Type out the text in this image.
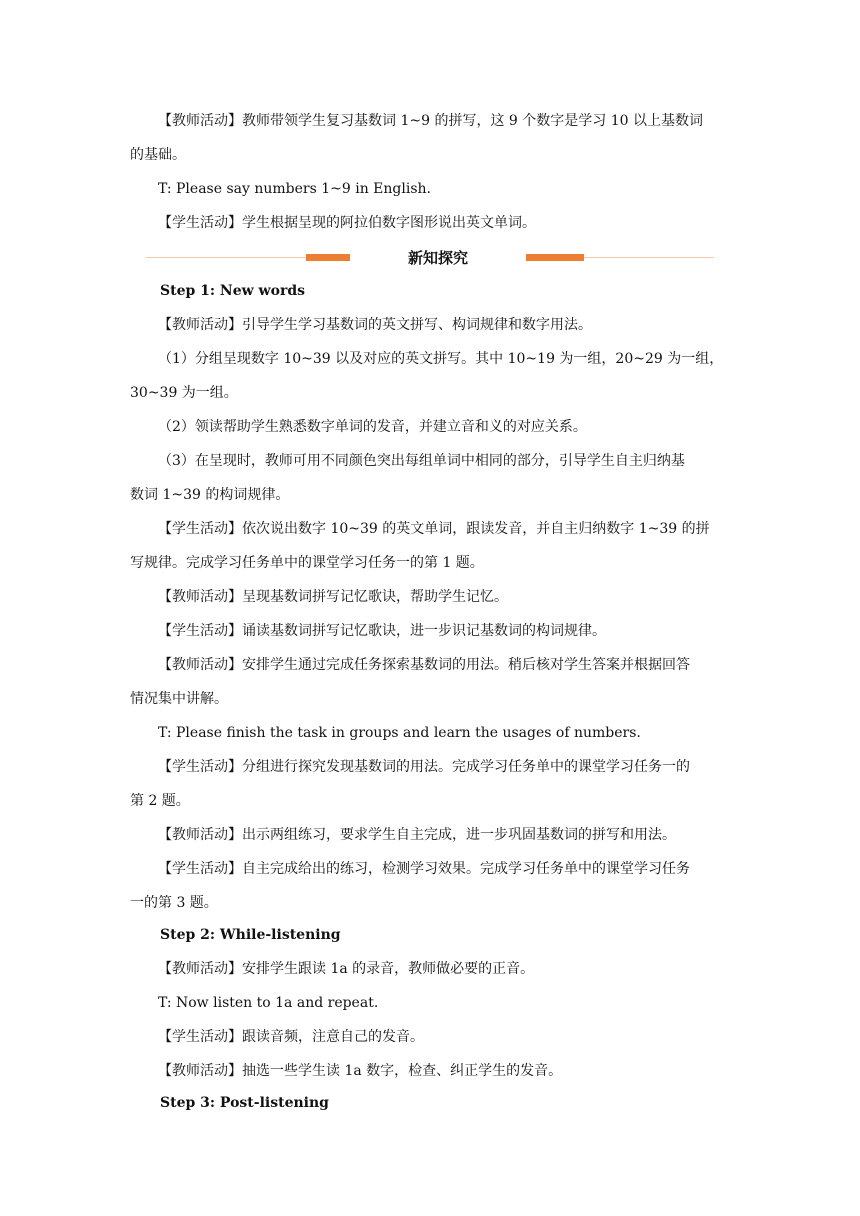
【教师活动】教师带领学生复习基数词 1~9 的拼写，这 9 个数字是学习 10 以上基数词

的基础。

T: Please say numbers 1~9 in English.

【学生活动】学生根据呈现的阿拉伯数字图形说出英文单词。

新知探究

Step 1: New words

【教师活动】引导学生学习基数词的英文拼写、构词规律和数字用法。

（1）分组呈现数字 10~39 以及对应的英文拼写。其中 10~19 为一组，20~29 为一组，

30~39 为一组。

（2）领读帮助学生熟悉数字单词的发音，并建立音和义的对应关系。

（3）在呈现时，教师可用不同颜色突出每组单词中相同的部分，引导学生自主归纳基

数词 1~39 的构词规律。

【学生活动】依次说出数字 10~39 的英文单词，跟读发音，并自主归纳数字 1~39 的拼

写规律。完成学习任务单中的课堂学习任务一的第 1 题。

【教师活动】呈现基数词拼写记忆歌诀，帮助学生记忆。

【学生活动】诵读基数词拼写记忆歌诀，进一步识记基数词的构词规律。

【教师活动】安排学生通过完成任务探索基数词的用法。稍后核对学生答案并根据回答

情况集中讲解。

T: Please finish the task in groups and learn the usages of numbers.

【学生活动】分组进行探究发现基数词的用法。完成学习任务单中的课堂学习任务一的

第 2 题。

【教师活动】出示两组练习，要求学生自主完成，进一步巩固基数词的拼写和用法。

【学生活动】自主完成给出的练习，检测学习效果。完成学习任务单中的课堂学习任务

一的第 3 题。

Step 2: While-listening

【教师活动】安排学生跟读 1a 的录音，教师做必要的正音。

T: Now listen to 1a and repeat.

【学生活动】跟读音频，注意自己的发音。

【教师活动】抽选一些学生读 1a 数字，检查、纠正学生的发音。

Step 3: Post-listening
